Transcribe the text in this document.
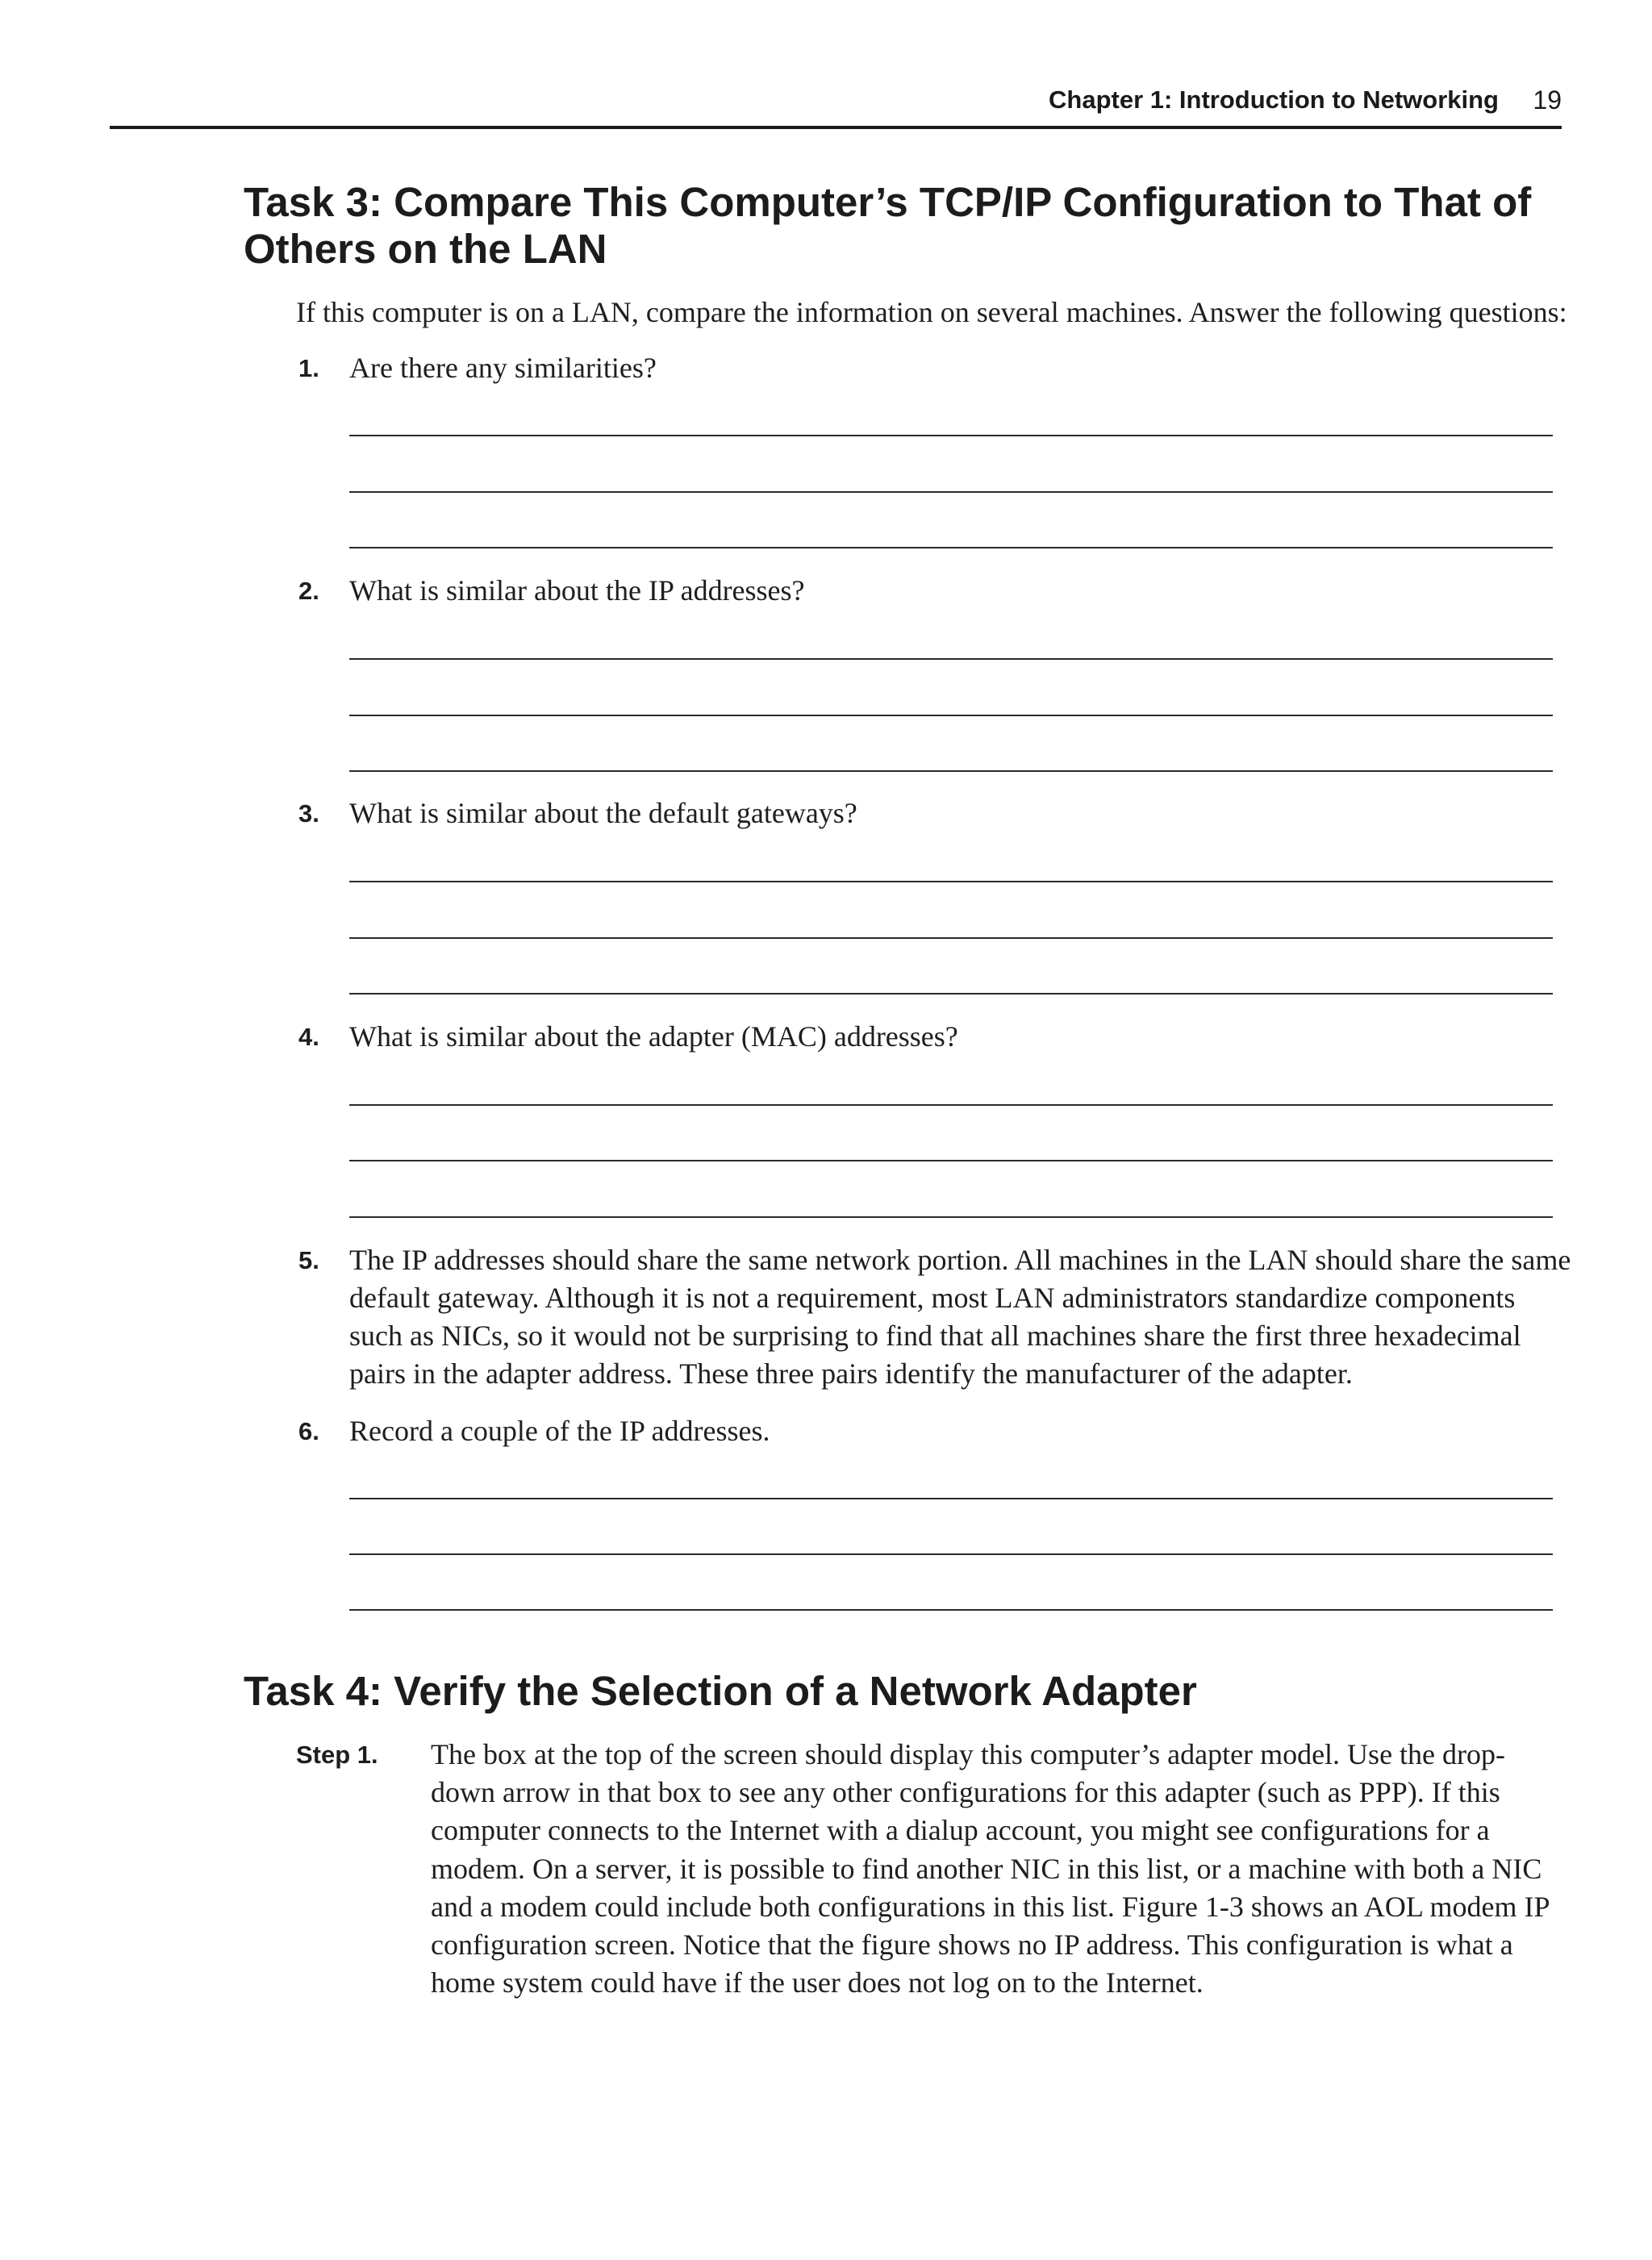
Chapter 1: Introduction to Networking 19
Task 3: Compare This Computer’s TCP/IP Configuration to That of Others on the LAN
If this computer is on a LAN, compare the information on several machines. Answer the following questions:
1. Are there any similarities?
2. What is similar about the IP addresses?
3. What is similar about the default gateways?
4. What is similar about the adapter (MAC) addresses?
5. The IP addresses should share the same network portion. All machines in the LAN should share the same default gateway. Although it is not a requirement, most LAN administrators standardize components such as NICs, so it would not be surprising to find that all machines share the first three hexadecimal pairs in the adapter address. These three pairs identify the manufacturer of the adapter.
6. Record a couple of the IP addresses.
Task 4: Verify the Selection of a Network Adapter
Step 1. The box at the top of the screen should display this computer’s adapter model. Use the drop-down arrow in that box to see any other configurations for this adapter (such as PPP). If this computer connects to the Internet with a dialup account, you might see configurations for a modem. On a server, it is possible to find another NIC in this list, or a machine with both a NIC and a modem could include both configurations in this list. Figure 1-3 shows an AOL modem IP configuration screen. Notice that the figure shows no IP address. This configuration is what a home system could have if the user does not log on to the Internet.
